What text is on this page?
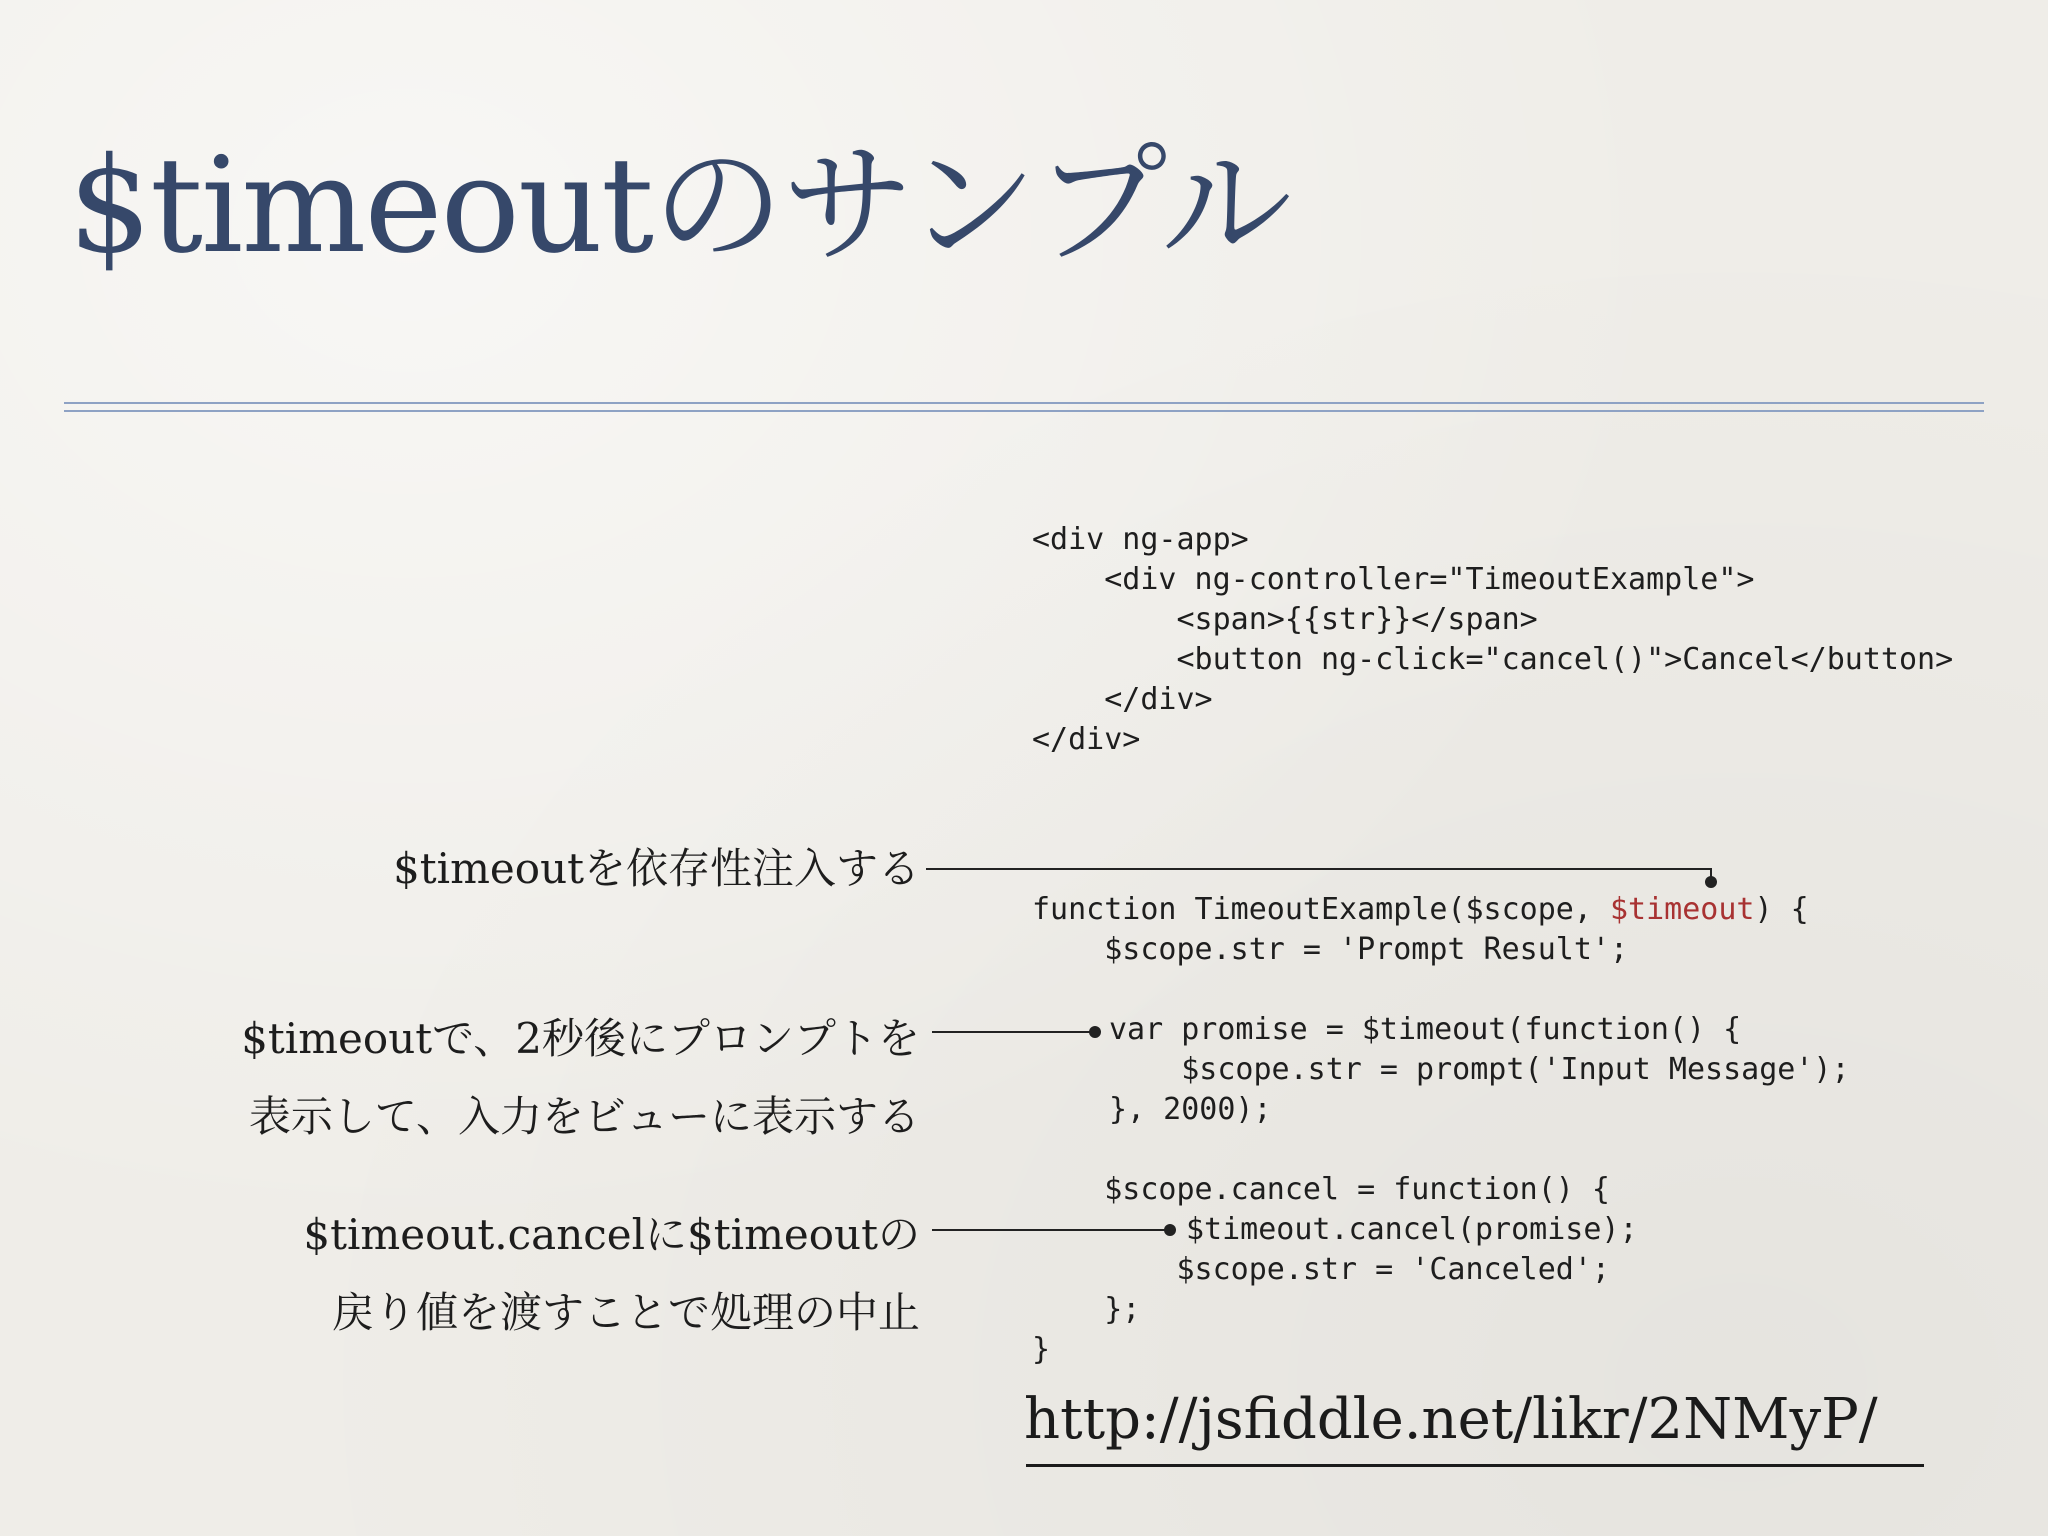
$timeoutのサンプル
<div ng-app>
<div ng-controller="TimeoutExample">
<span>{{str}}</span>
<button ng-click="cancel()">Cancel</button>
</div>
</div>
function TimeoutExample($scope, $timeout) {
$scope.str = 'Prompt Result';
var promise = $timeout(function() {
$scope.str = prompt('Input Message');
}, 2000);
$scope.cancel = function() {
$timeout.cancel(promise);
$scope.str = 'Canceled';
};
}
$timeoutを依存性注入する
$timeoutで、2秒後にプロンプトを
表示して、入力をビューに表示する
$timeout.cancelに$timeoutの
戻り値を渡すことで処理の中止
http://jsfiddle.net/likr/2NMyP/
